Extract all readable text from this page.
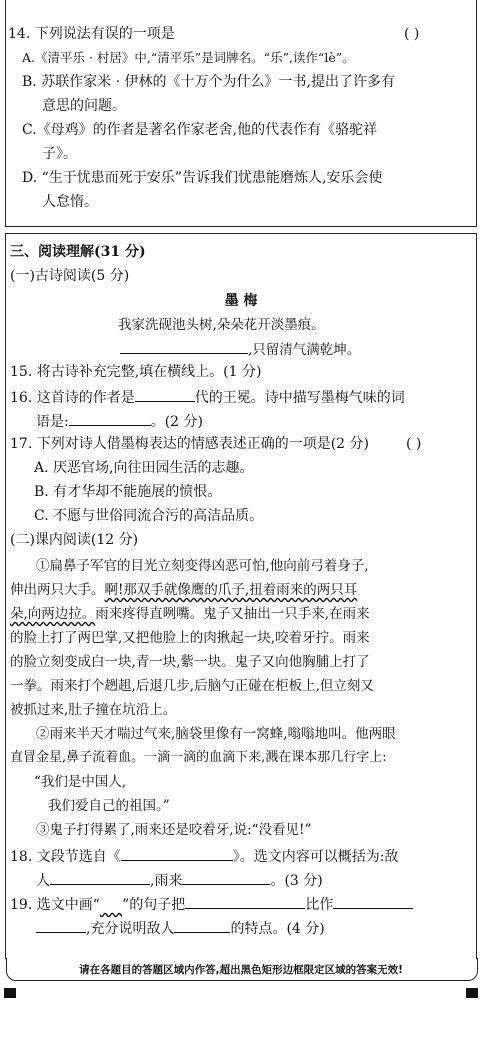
14. 下列说法有误的一项是	( )
A.《清平乐 · 村居》中,“清平乐”是词牌名。“乐”,读作“lè”。
B. 苏联作家米 · 伊林的《十万个为什么》一书,提出了许多有
意思的问题。
C.《母鸡》的作者是著名作家老舍,他的代表作有《骆驼祥
子》。
D. “生于忧患而死于安乐”告诉我们忧患能磨炼人,安乐会使
人怠惰。
三、阅读理解(31 分)
(一)古诗阅读(5 分)
墨 梅
我家洗砚池头树,朵朵花开淡墨痕。
,只留清气满乾坤。
15. 将古诗补充完整,填在横线上。(1 分)
16. 这首诗的作者是	代的王冕。诗中描写墨梅气味的词
语是:	。(2 分)
17. 下列对诗人借墨梅表达的情感表述正确的一项是(2 分)	( )
A. 厌恶官场,向往田园生活的志趣。
B. 有才华却不能施展的愤恨。
C. 不愿与世俗同流合污的高洁品质。
(二)课内阅读(12 分)
①扁鼻子军官的目光立刻变得凶恶可怕,他向前弓着身子,
伸出两只大手。啊!那双手就像鹰的爪子,扭着雨来的两只耳
朵,向两边拉。雨来疼得直咧嘴。鬼子又抽出一只手来,在雨来
的脸上打了两巴掌,又把他脸上的肉揪起一块,咬着牙拧。雨来
的脸立刻变成白一块,青一块,紫一块。鬼子又向他胸脯上打了
一拳。雨来打个趔趄,后退几步,后脑勺正碰在柜板上,但立刻又
被抓过来,肚子撞在坑沿上。
②雨来半天才喘过气来,脑袋里像有一窝蜂,嗡嗡地叫。他两眼
直冒金星,鼻子流着血。一滴一滴的血滴下来,溅在课本那几行字上:
“我们是中国人,
我们爱自己的祖国。”
③鬼子打得累了,雨来还是咬着牙,说:“没看见!”
18. 文段节选自《	》。选文内容可以概括为:敌
人	,雨来	。(3 分)
19. 选文中画“ ”的句子把	比作
,充分说明敌人	的特点。(4 分)
请在各题目的答题区域内作答,超出黑色矩形边框限定区域的答案无效!
